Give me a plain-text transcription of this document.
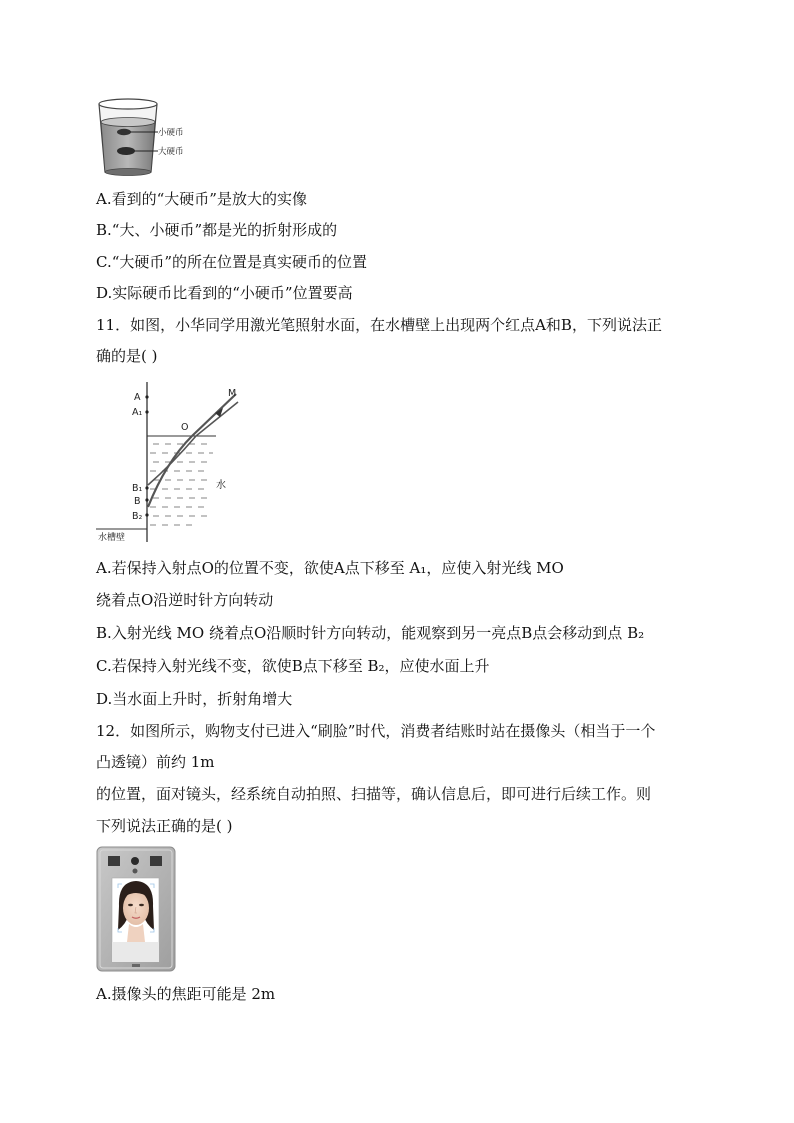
小硬币
大硬币
A.看到的“大硬币”是放大的实像
B.“大、小硬币”都是光的折射形成的
C.“大硬币”的所在位置是真实硬币的位置
D.实际硬币比看到的“小硬币”位置要高
11．如图，小华同学用激光笔照射水面，在水槽壁上出现两个红点A和B，下列说法正
确的是( )
A
A₁
O
M
B₁
B
B₂
水
水槽壁
A.若保持入射点O的位置不变，欲使A点下移至 A₁，应使入射光线 MO
绕着点O沿逆时针方向转动
B.入射光线 MO 绕着点O沿顺时针方向转动，能观察到另一亮点B点会移动到点 B₂
C.若保持入射光线不变，欲使B点下移至 B₂，应使水面上升
D.当水面上升时，折射角增大
12．如图所示，购物支付已进入“刷脸”时代，消费者结账时站在摄像头（相当于一个
凸透镜）前约 1m
的位置，面对镜头，经系统自动拍照、扫描等，确认信息后，即可进行后续工作。则
下列说法正确的是( )
A.摄像头的焦距可能是 2m
